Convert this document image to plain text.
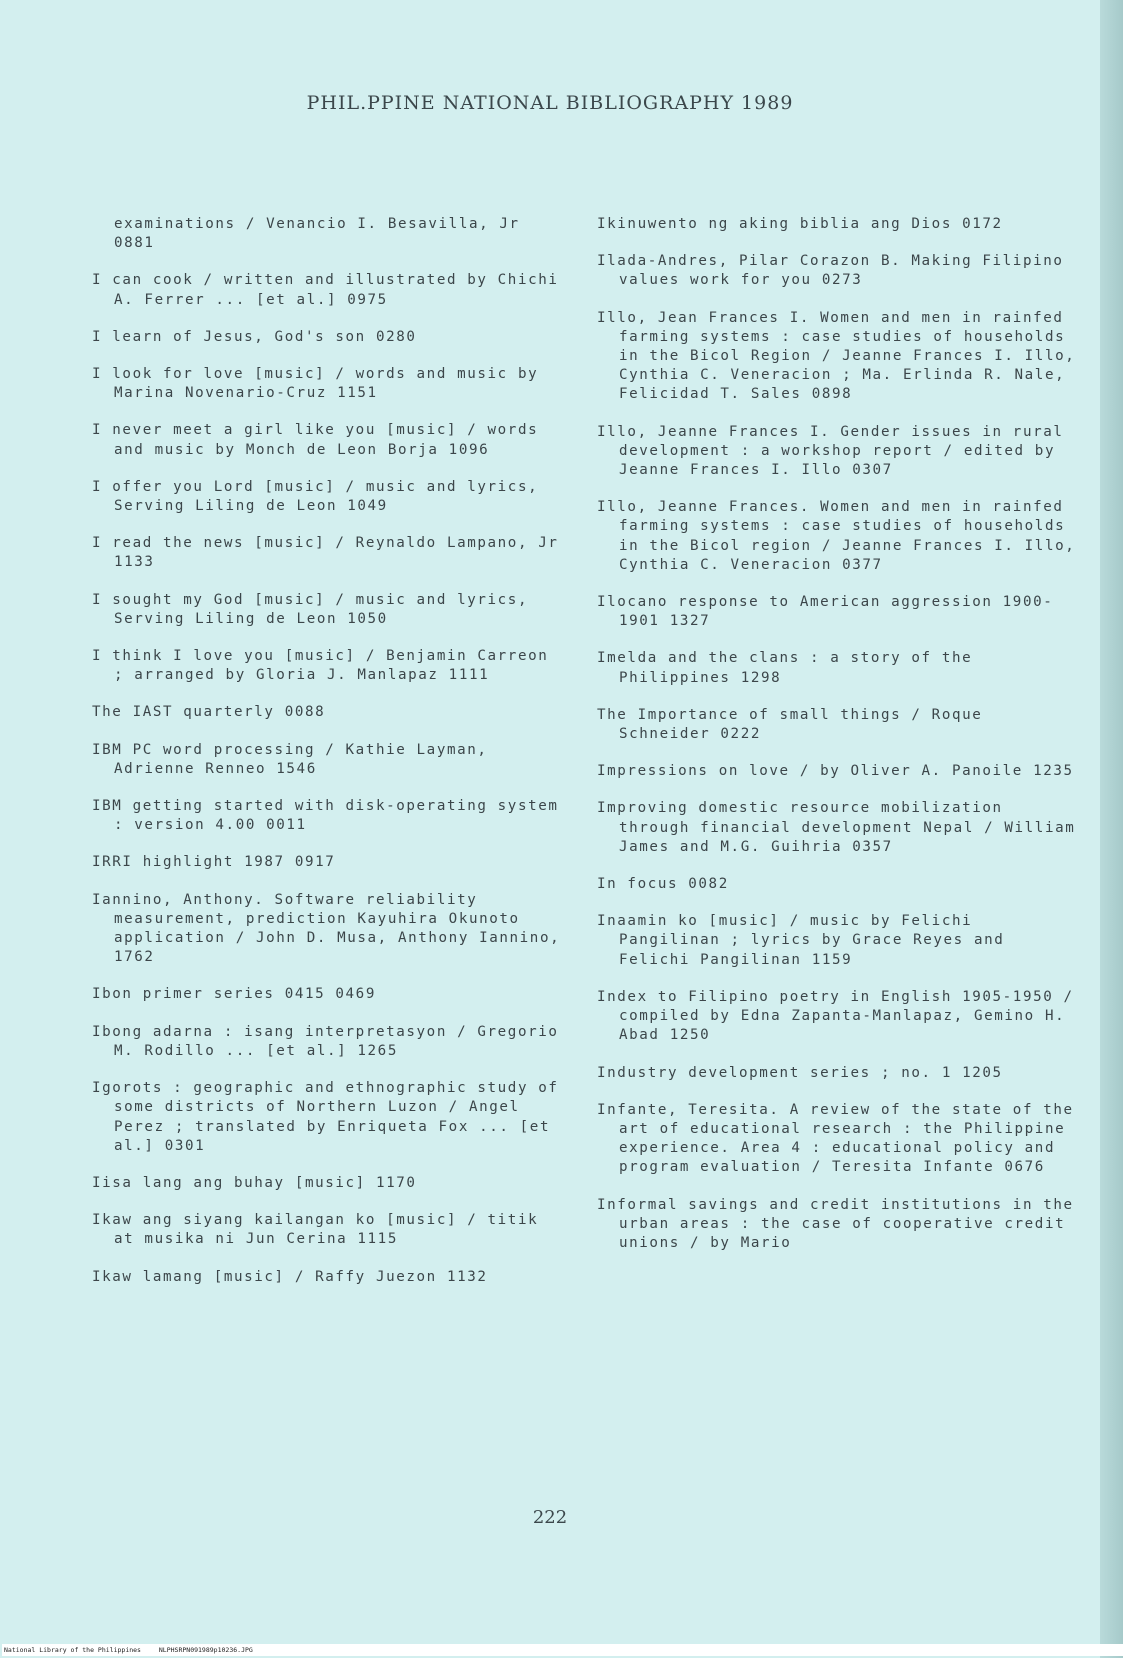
PHIL.PPINE NATIONAL BIBLIOGRAPHY 1989
examinations / Venancio I. Besavilla, Jr 0881
I can cook / written and illustrated by Chichi A. Ferrer ... [et al.] 0975
I learn of Jesus, God's son 0280
I look for love [music] / words and music by Marina Novenario-Cruz 1151
I never meet a girl like you [music] / words and music by Monch de Leon Borja 1096
I offer you Lord [music] / music and lyrics, Serving Liling de Leon 1049
I read the news [music] / Reynaldo Lampano, Jr 1133
I sought my God [music] / music and lyrics, Serving Liling de Leon 1050
I think I love you [music] / Benjamin Carreon ; arranged by Gloria J. Manlapaz 1111
The IAST quarterly 0088
IBM PC word processing / Kathie Layman, Adrienne Renneo 1546
IBM getting started with disk-operating system : version 4.00 0011
IRRI highlight 1987 0917
Iannino, Anthony. Software reliability measurement, prediction Kayuhira Okunoto application / John D. Musa, Anthony Iannino, 1762
Ibon primer series 0415 0469
Ibong adarna : isang interpretasyon / Gregorio M. Rodillo ... [et al.] 1265
Igorots : geographic and ethnographic study of some districts of Northern Luzon / Angel Perez ; translated by Enriqueta Fox ... [et al.] 0301
Iisa lang ang buhay [music] 1170
Ikaw ang siyang kailangan ko [music] / titik at musika ni Jun Cerina 1115
Ikaw lamang [music] / Raffy Juezon 1132
Ikinuwento ng aking biblia ang Dios 0172
Ilada-Andres, Pilar Corazon B. Making Filipino values work for you 0273
Illo, Jean Frances I. Women and men in rainfed farming systems : case studies of households in the Bicol Region / Jeanne Frances I. Illo, Cynthia C. Veneracion ; Ma. Erlinda R. Nale, Felicidad T. Sales 0898
Illo, Jeanne Frances I. Gender issues in rural development : a workshop report / edited by Jeanne Frances I. Illo 0307
Illo, Jeanne Frances. Women and men in rainfed farming systems : case studies of households in the Bicol region / Jeanne Frances I. Illo, Cynthia C. Veneracion 0377
Ilocano response to American aggression 1900-1901 1327
Imelda and the clans : a story of the Philippines 1298
The Importance of small things / Roque Schneider 0222
Impressions on love / by Oliver A. Panoile 1235
Improving domestic resource mobilization through financial development Nepal / William James and M.G. Guihria 0357
In focus 0082
Inaamin ko [music] / music by Felichi Pangilinan ; lyrics by Grace Reyes and Felichi Pangilinan 1159
Index to Filipino poetry in English 1905-1950 / compiled by Edna Zapanta-Manlapaz, Gemino H. Abad 1250
Industry development series ; no. 1 1205
Infante, Teresita. A review of the state of the art of educational research : the Philippine experience. Area 4 : educational policy and program evaluation / Teresita Infante 0676
Informal savings and credit institutions in the urban areas : the case of cooperative credit unions / by Mario
222
National Library of the Philippines	NLPHSRPN091989p10236.JPG
